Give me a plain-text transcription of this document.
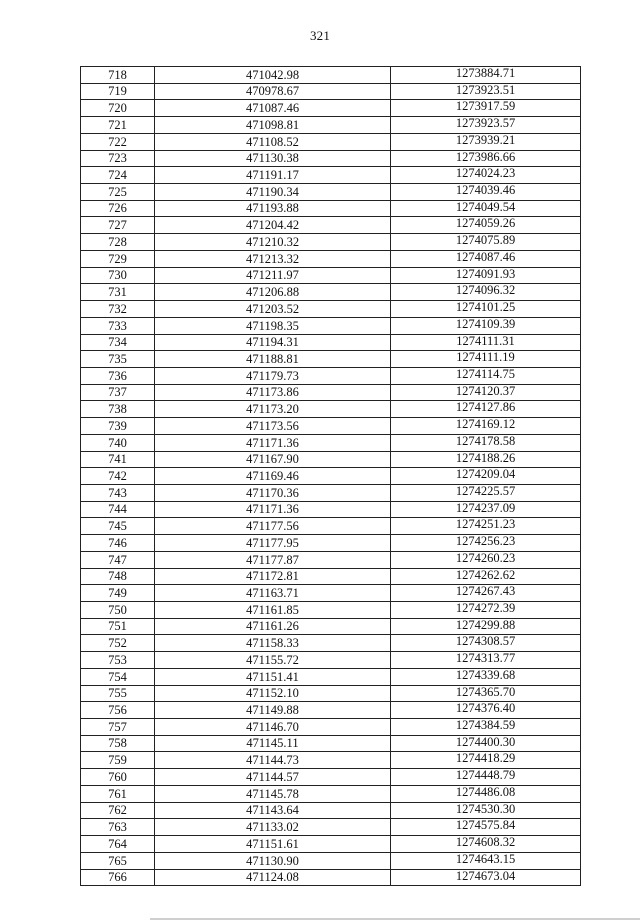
321
718	471042.98	1273884.71
719	470978.67	1273923.51
720	471087.46	1273917.59
721	471098.81	1273923.57
722	471108.52	1273939.21
723	471130.38	1273986.66
724	471191.17	1274024.23
725	471190.34	1274039.46
726	471193.88	1274049.54
727	471204.42	1274059.26
728	471210.32	1274075.89
729	471213.32	1274087.46
730	471211.97	1274091.93
731	471206.88	1274096.32
732	471203.52	1274101.25
733	471198.35	1274109.39
734	471194.31	1274111.31
735	471188.81	1274111.19
736	471179.73	1274114.75
737	471173.86	1274120.37
738	471173.20	1274127.86
739	471173.56	1274169.12
740	471171.36	1274178.58
741	471167.90	1274188.26
742	471169.46	1274209.04
743	471170.36	1274225.57
744	471171.36	1274237.09
745	471177.56	1274251.23
746	471177.95	1274256.23
747	471177.87	1274260.23
748	471172.81	1274262.62
749	471163.71	1274267.43
750	471161.85	1274272.39
751	471161.26	1274299.88
752	471158.33	1274308.57
753	471155.72	1274313.77
754	471151.41	1274339.68
755	471152.10	1274365.70
756	471149.88	1274376.40
757	471146.70	1274384.59
758	471145.11	1274400.30
759	471144.73	1274418.29
760	471144.57	1274448.79
761	471145.78	1274486.08
762	471143.64	1274530.30
763	471133.02	1274575.84
764	471151.61	1274608.32
765	471130.90	1274643.15
766	471124.08	1274673.04
